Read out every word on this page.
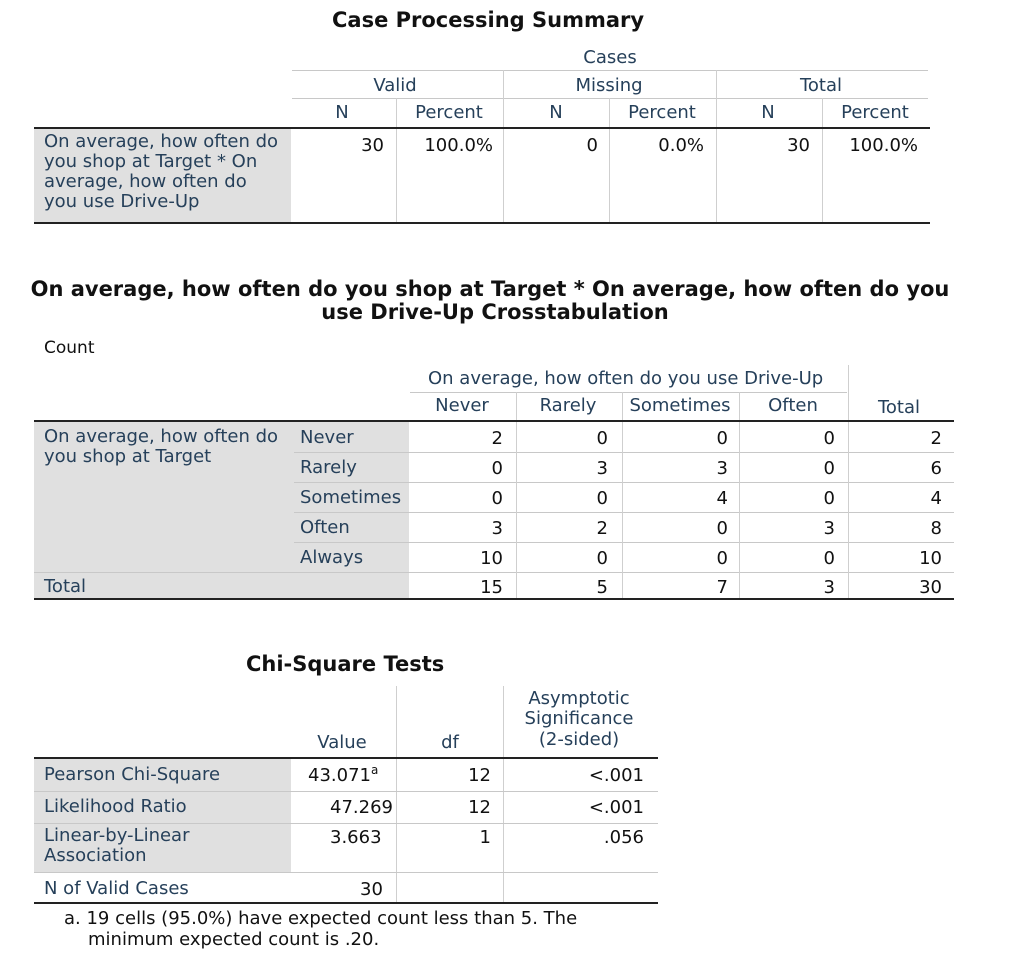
Case Processing Summary
Cases
Valid	Missing	Total
N	Percent	N	Percent	N	Percent
On average, how often do you shop at Target * On average, how often do you use Drive-Up
30	100.0%	0	0.0%	30	100.0%
On average, how often do you shop at Target * On average, how often do you
use Drive-Up Crosstabulation
Count
On average, how often do you use Drive-Up
Never	Rarely	Sometimes	Often	Total
On average, how often do you shop at Target
Never	2	0	0	0	2
Rarely	0	3	3	0	6
Sometimes	0	0	4	0	4
Often	3	2	0	3	8
Always	10	0	0	0	10
Total	15	5	7	3	30
Chi-Square Tests
Asymptotic
Significance
(2-sided)
Value	df
Pearson Chi-Square	43.071$^a$	12	<.001
Likelihood Ratio	47.269	12	<.001
Linear-by-Linear
Association
3.663	1	.056
N of Valid Cases	30
a. 19 cells (95.0%) have expected count less than 5. The
minimum expected count is .20.
